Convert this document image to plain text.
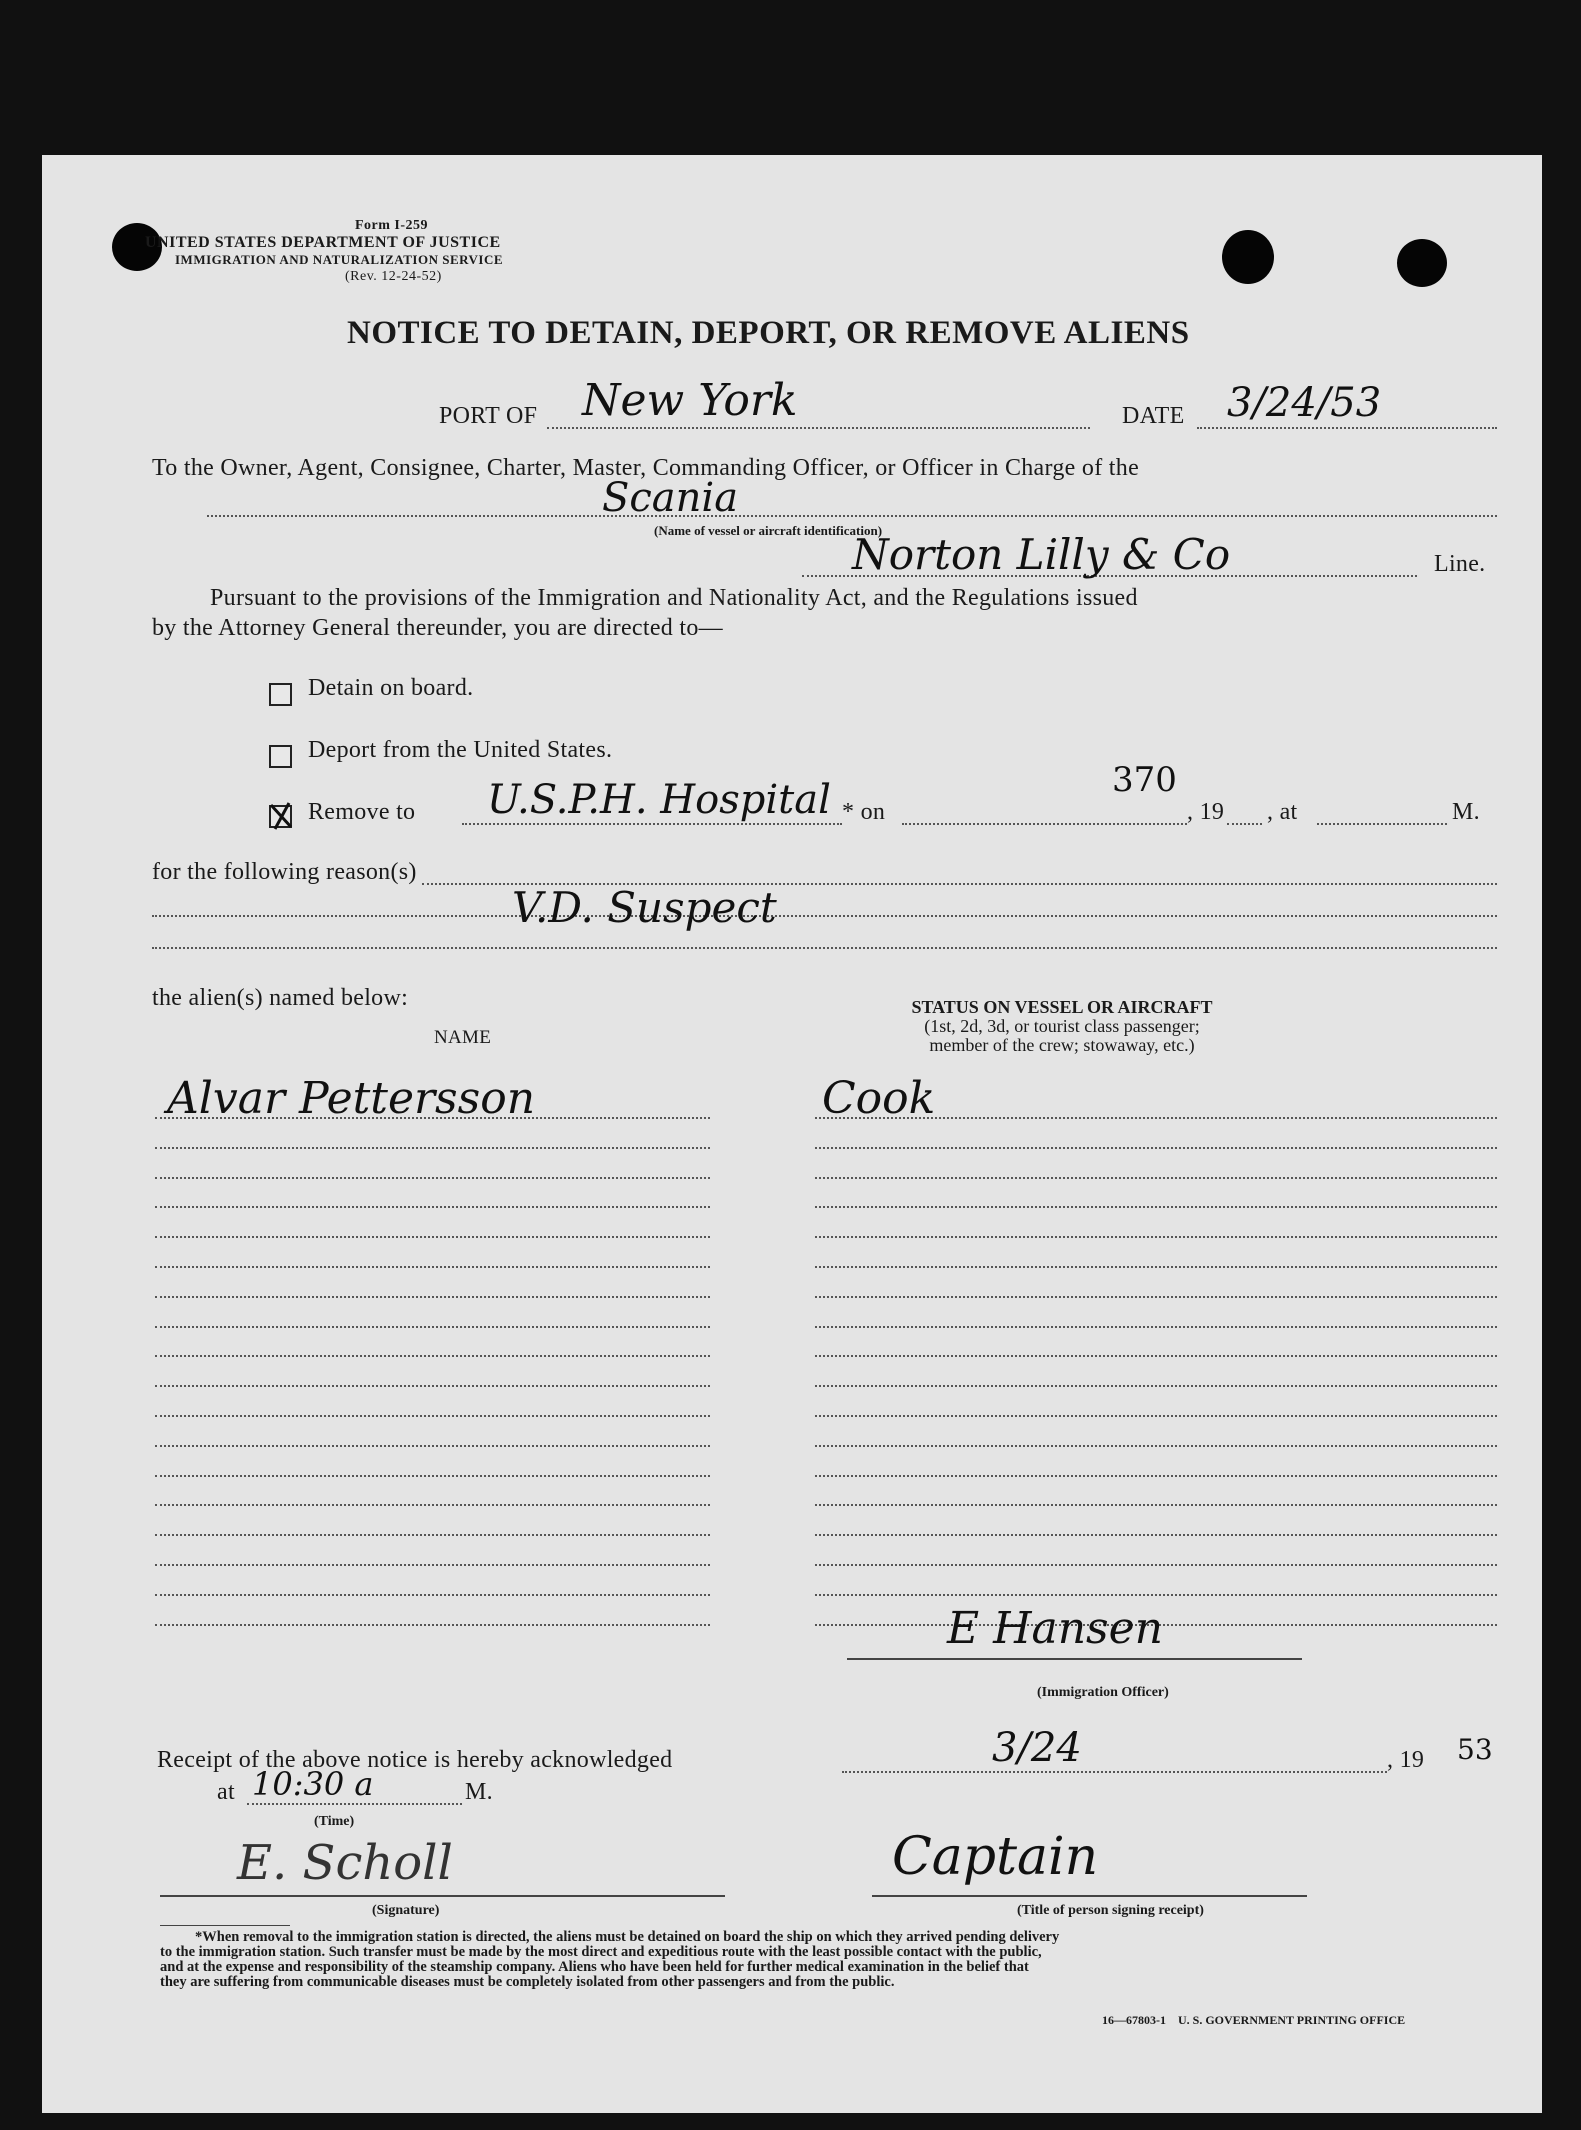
Form I-259
UNITED STATES DEPARTMENT OF JUSTICE
IMMIGRATION AND NATURALIZATION SERVICE
(Rev. 12-24-52)
NOTICE TO DETAIN, DEPORT, OR REMOVE ALIENS
PORT OF New York	DATE 3/24/53
To the Owner, Agent, Consignee, Charter, Master, Commanding Officer, or Officer in Charge of the
Scania
(Name of vessel or aircraft identification)
Norton Lilly & Co	Line.
Pursuant to the provisions of the Immigration and Nationality Act, and the Regulations issued
by the Attorney General thereunder, you are directed to—
Detain on board.
Deport from the United States.
Remove to U.S.P.H. Hospital * on
370
, 19 , at	M.
for the following reason(s)
V.D. Suspect
the alien(s) named below:
NAME
STATUS ON VESSEL OR AIRCRAFT
(1st, 2d, 3d, or tourist class passenger;
member of the crew; stowaway, etc.)
Alvar Pettersson	Cook
E Hansen
(Immigration Officer)
Receipt of the above notice is hereby acknowledged	3/24	, 19 53
at 10:30 a	M.
(Time)
E. Scholl
(Signature)
Captain
(Title of person signing receipt)
*When removal to the immigration station is directed, the aliens must be detained on board the ship on which they arrived pending delivery
to the immigration station. Such transfer must be made by the most direct and expeditious route with the least possible contact with the public,
and at the expense and responsibility of the steamship company. Aliens who have been held for further medical examination in the belief that
they are suffering from communicable diseases must be completely isolated from other passengers and from the public.
16—67803-1    U. S. GOVERNMENT PRINTING OFFICE
